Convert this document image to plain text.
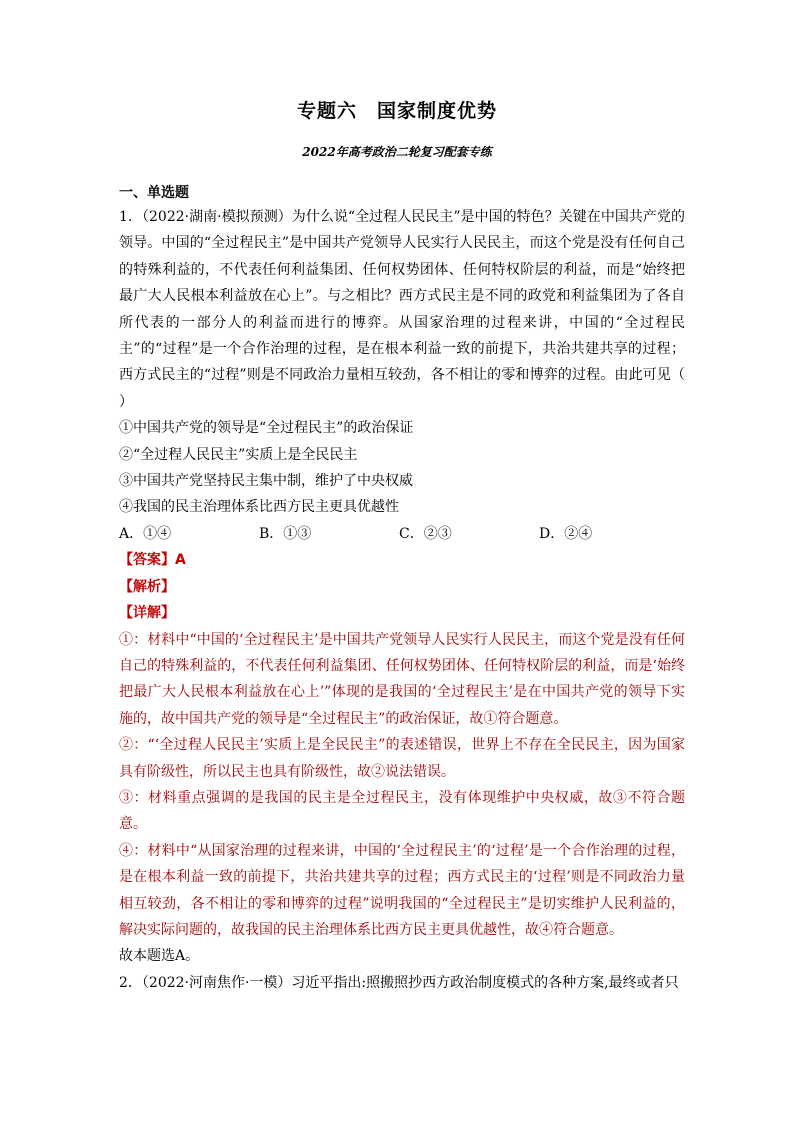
专题六　国家制度优势
2022年高考政治二轮复习配套专练
一、单选题
1．（2022·湖南·模拟预测）为什么说“全过程人民民主”是中国的特色？关键在中国共产党的领导。中国的“全过程民主”是中国共产党领导人民实行人民民主，而这个党是没有任何自己的特殊利益的，不代表任何利益集团、任何权势团体、任何特权阶层的利益，而是“始终把最广大人民根本利益放在心上”。与之相比？西方式民主是不同的政党和利益集团为了各自所代表的一部分人的利益而进行的博弈。从国家治理的过程来讲，中国的“全过程民主”的“过程”是一个合作治理的过程，是在根本利益一致的前提下，共治共建共享的过程；西方式民主的“过程”则是不同政治力量相互较劲，各不相让的零和博弈的过程。由此可见（　　）
①中国共产党的领导是“全过程民主”的政治保证
②“全过程人民民主”实质上是全民民主
③中国共产党坚持民主集中制，维护了中央权威
④我国的民主治理体系比西方民主更具优越性
A．①④	B．①③	C．②③	D．②④
【答案】A
【解析】
【详解】
①：材料中“中国的‘全过程民主’是中国共产党领导人民实行人民民主，而这个党是没有任何自己的特殊利益的，不代表任何利益集团、任何权势团体、任何特权阶层的利益，而是‘始终把最广大人民根本利益放在心上’”体现的是我国的‘全过程民主’是在中国共产党的领导下实施的，故中国共产党的领导是“全过程民主”的政治保证，故①符合题意。
②：“‘全过程人民民主’实质上是全民民主”的表述错误，世界上不存在全民民主，因为国家具有阶级性，所以民主也具有阶级性，故②说法错误。
③：材料重点强调的是我国的民主是全过程民主，没有体现维护中央权威，故③不符合题意。
④：材料中“从国家治理的过程来讲，中国的‘全过程民主’的‘过程’是一个合作治理的过程，是在根本利益一致的前提下，共治共建共享的过程；西方式民主的‘过程’则是不同政治力量相互较劲，各不相让的零和博弈的过程”说明我国的“全过程民主”是切实维护人民利益的，解决实际问题的，故我国的民主治理体系比西方民主更具优越性，故④符合题意。
故本题选A。
2．（2022·河南焦作·一模）习近平指出:照搬照抄西方政治制度模式的各种方案,最终或者只
